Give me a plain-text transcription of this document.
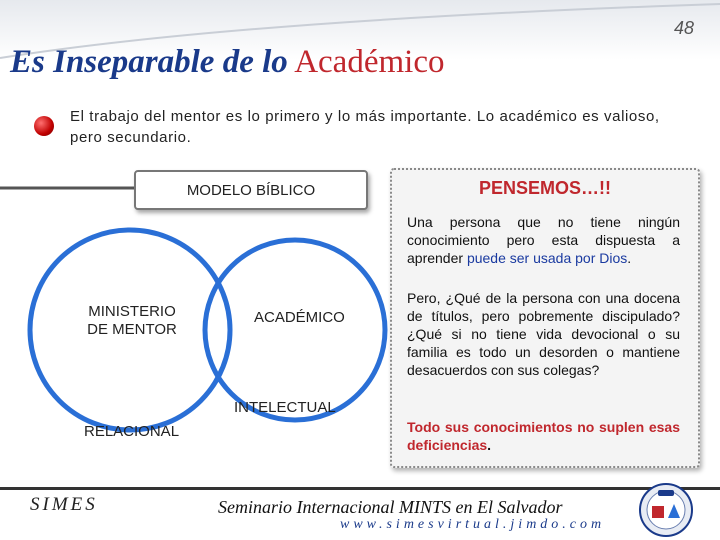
48
Es Inseparable de lo Académico
El trabajo del mentor es lo primero y lo más importante. Lo académico es valioso, pero secundario.
MODELO BÍBLICO
MINISTERIO
DE MENTOR
ACADÉMICO
INTELECTUAL
RELACIONAL
PENSEMOS…!!
Una persona que no tiene ningún conocimiento pero esta dispuesta a aprender puede ser usada por Dios.
Pero, ¿Qué de la persona con una docena de títulos, pero pobremente discipulado? ¿Qué si no tiene vida devocional o su familia es todo un desorden o mantiene desacuerdos con sus colegas?
Todo sus conocimientos no suplen esas deficiencias.
SIMES	Seminario Internacional MINTS en El Salvador
www.simesvirtual.jimdo.com
